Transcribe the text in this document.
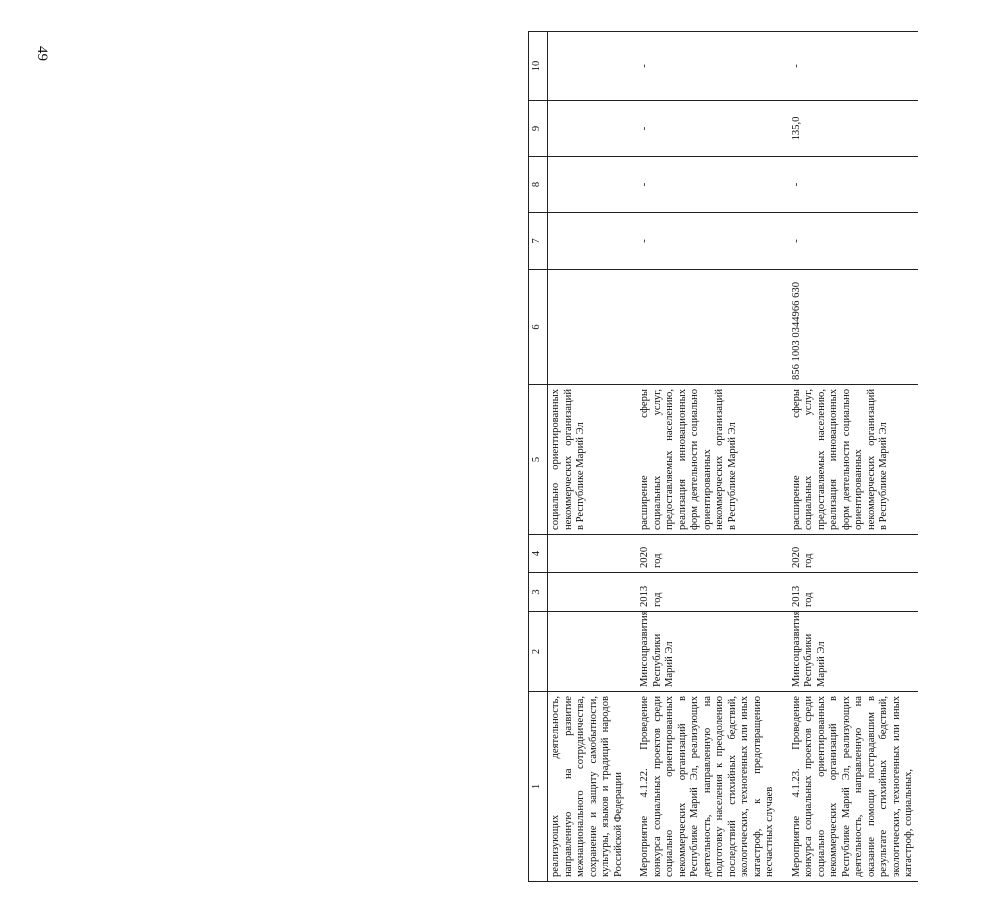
49
1	2	3	4	5	6	7	8	9	10
реализующих деятельность, направленную на развитие межнационального сотрудничества, сохранение и защиту самобытности, культуры, языков и традиций народов Российской Федерации				социально ориентированных некоммерческих организаций в Республике Марий Эл					

Мероприятие 4.1.22. Проведение конкурса социальных проектов среди социально ориентированных некоммерческих организаций в Республике Марий Эл, реализующих деятельность, направленную на подготовку населения к преодолению последствий стихийных бедствий, экологических, техногенных или иных катастроф, к предотвращению несчастных случаев	Минсоцразвития Республики Марий Эл	2013 год	2020 год	расширение сферы социальных услуг, предоставляемых населению, реализация инновационных форм деятельности социально ориентированных некоммерческих организаций в Республике Марий Эл		-	-	-	-

Мероприятие 4.1.23. Проведение конкурса социальных проектов среди социально ориентированных некоммерческих организаций в Республике Марий Эл, реализующих деятельность, направленную на оказание помощи пострадавшим в результате стихийных бедствий, экологических, техногенных или иных катастроф, социальных,	Минсоцразвития Республики Марий Эл	2013 год	2020 год	расширение сферы социальных услуг, предоставляемых населению, реализация инновационных форм деятельности социально ориентированных некоммерческих организаций в Республике Марий Эл	856 1003 0344966 630	-	-	135,0	-
